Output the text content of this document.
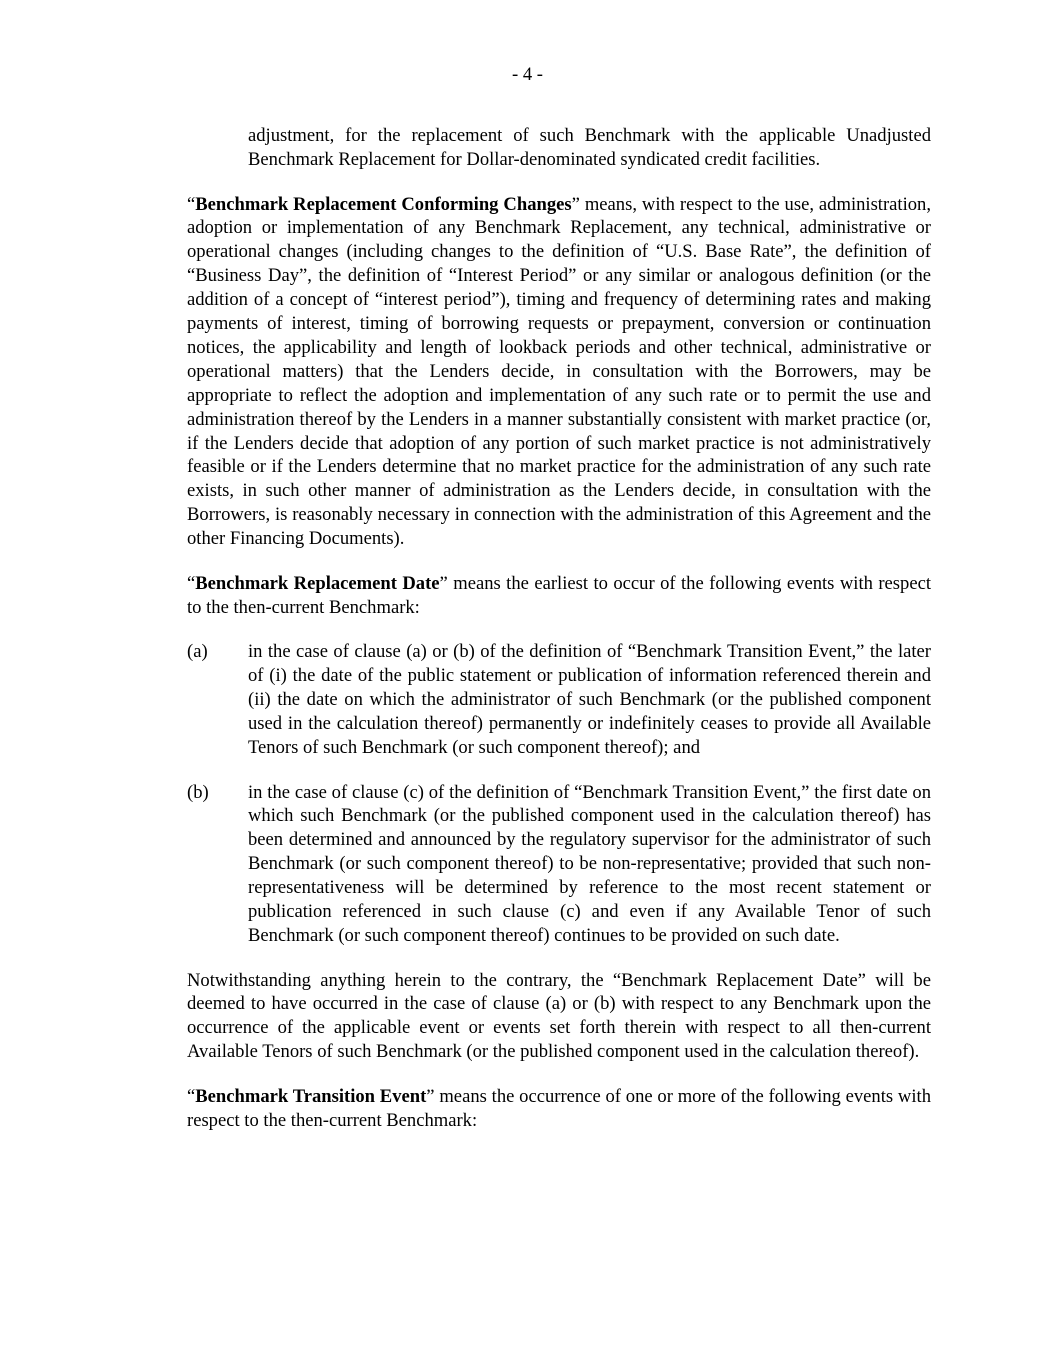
- 4 -

adjustment, for the replacement of such Benchmark with the applicable Unadjusted Benchmark Replacement for Dollar-denominated syndicated credit facilities.

“Benchmark Replacement Conforming Changes” means, with respect to the use, administration, adoption or implementation of any Benchmark Replacement, any technical, administrative or operational changes (including changes to the definition of “U.S. Base Rate”, the definition of “Business Day”, the definition of “Interest Period” or any similar or analogous definition (or the addition of a concept of “interest period”), timing and frequency of determining rates and making payments of interest, timing of borrowing requests or prepayment, conversion or continuation notices, the applicability and length of lookback periods and other technical, administrative or operational matters) that the Lenders decide, in consultation with the Borrowers, may be appropriate to reflect the adoption and implementation of any such rate or to permit the use and administration thereof by the Lenders in a manner substantially consistent with market practice (or, if the Lenders decide that adoption of any portion of such market practice is not administratively feasible or if the Lenders determine that no market practice for the administration of any such rate exists, in such other manner of administration as the Lenders decide, in consultation with the Borrowers, is reasonably necessary in connection with the administration of this Agreement and the other Financing Documents).

“Benchmark Replacement Date” means the earliest to occur of the following events with respect to the then-current Benchmark:

(a)	in the case of clause (a) or (b) of the definition of “Benchmark Transition Event,” the later of (i) the date of the public statement or publication of information referenced therein and (ii) the date on which the administrator of such Benchmark (or the published component used in the calculation thereof) permanently or indefinitely ceases to provide all Available Tenors of such Benchmark (or such component thereof); and
(b)	in the case of clause (c) of the definition of “Benchmark Transition Event,” the first date on which such Benchmark (or the published component used in the calculation thereof) has been determined and announced by the regulatory supervisor for the administrator of such Benchmark (or such component thereof) to be non-representative; provided that such non-representativeness will be determined by reference to the most recent statement or publication referenced in such clause (c) and even if any Available Tenor of such Benchmark (or such component thereof) continues to be provided on such date.

Notwithstanding anything herein to the contrary, the “Benchmark Replacement Date” will be deemed to have occurred in the case of clause (a) or (b) with respect to any Benchmark upon the occurrence of the applicable event or events set forth therein with respect to all then-current Available Tenors of such Benchmark (or the published component used in the calculation thereof).

“Benchmark Transition Event” means the occurrence of one or more of the following events with respect to the then-current Benchmark:
